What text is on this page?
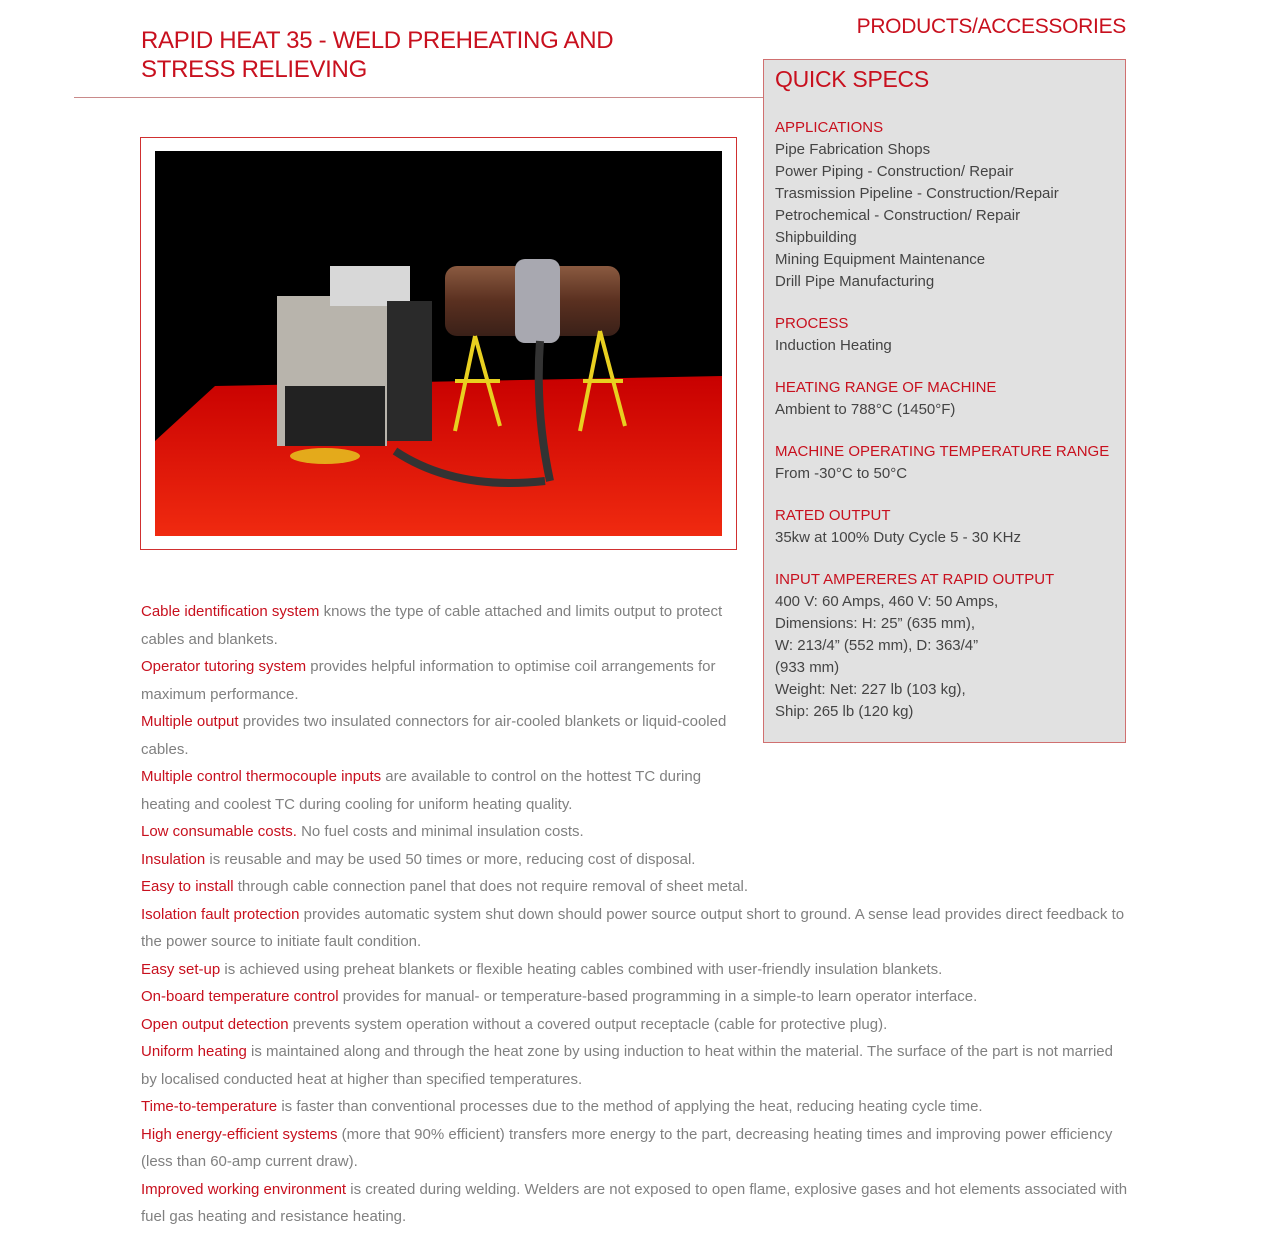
RAPID HEAT 35 - WELD PREHEATING AND
STRESS RELIEVING
PRODUCTS/ACCESSORIES
QUICK SPECS
APPLICATIONS
Pipe Fabrication Shops
Power Piping - Construction/ Repair
Trasmission Pipeline - Construction/Repair
Petrochemical - Construction/ Repair
Shipbuilding
Mining Equipment Maintenance
Drill Pipe Manufacturing
PROCESS
Induction Heating
HEATING RANGE OF MACHINE
Ambient to 788°C (1450°F)
MACHINE OPERATING TEMPERATURE RANGE
From -30°C to 50°C
RATED OUTPUT
35kw at 100% Duty Cycle 5 - 30 KHz
INPUT AMPERERES AT RAPID OUTPUT
400 V: 60 Amps, 460 V: 50 Amps,
Dimensions: H: 25” (635 mm),
W: 213/4” (552 mm), D: 363/4”
(933 mm)
Weight: Net: 227 lb (103 kg),
Ship: 265 lb (120 kg)

Cable identification system knows the type of cable attached and limits output to protect cables and blankets.

Operator tutoring system provides helpful information to optimise coil arrangements for maximum performance.

Multiple output provides two insulated connectors for air-cooled blankets or liquid-cooled cables.

Multiple control thermocouple inputs are available to control on the hottest TC during heating and coolest TC during cooling for uniform heating quality.

Low consumable costs. No fuel costs and minimal insulation costs.

Insulation is reusable and may be used 50 times or more, reducing cost of disposal.

Easy to install through cable connection panel that does not require removal of sheet metal.

Isolation fault protection provides automatic system shut down should power source output short to ground. A sense lead provides direct feedback to the power source to initiate fault condition.

Easy set-up is achieved using preheat blankets or flexible heating cables combined with user-friendly insulation blankets.

On-board temperature control provides for manual- or temperature-based programming in a simple-to learn operator interface.

Open output detection prevents system operation without a covered output receptacle (cable for protective plug).

Uniform heating is maintained along and through the heat zone by using induction to heat within the material. The surface of the part is not married by localised conducted heat at higher than specified temperatures.

Time-to-temperature is faster than conventional processes due to the method of applying the heat, reducing heating cycle time.

High energy-efficient systems (more that 90% efficient) transfers more energy to the part, decreasing heating times and improving power efficiency (less than 60-amp current draw).

Improved working environment is created during welding. Welders are not exposed to open flame, explosive gases and hot elements associated with fuel gas heating and resistance heating.
